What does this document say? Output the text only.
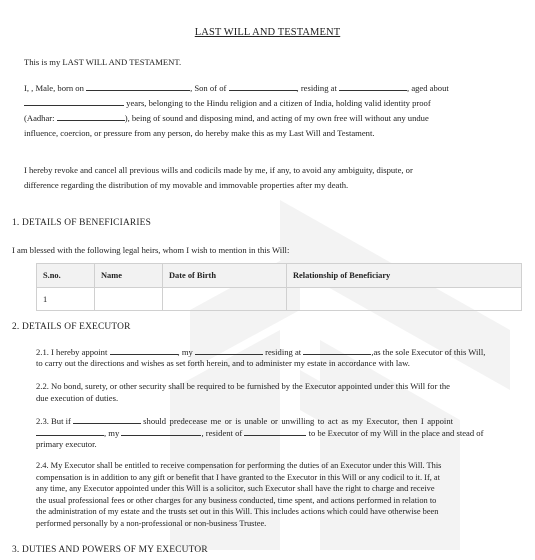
LAST WILL AND TESTAMENT
This is my LAST WILL AND TESTAMENT.
I, , Male, born on	, Son of of	, residing at	, aged about
years, belonging to the Hindu religion and a citizen of India, holding valid identity proof
(Aadhar:	), being of sound and disposing mind, and acting of my own free will without any undue
influence, coercion, or pressure from any person, do hereby make this as my Last Will and Testament.
I hereby revoke and cancel all previous wills and codicils made by me, if any, to avoid any ambiguity, dispute, or
difference regarding the distribution of my movable and immovable properties after my death.
1. DETAILS OF BENEFICIARIES
I am blessed with the following legal heirs, whom I wish to mention in this Will:
S.no.	Name	Date of Birth	Relationship of Beneficiary
1			
2. DETAILS OF EXECUTOR
2.1. I hereby appoint	, my	residing at	,as the sole Executor of this Will,
to carry out the directions and wishes as set forth herein, and to administer my estate in accordance with law.
2.2. No bond, surety, or other security shall be required to be furnished by the Executor appointed under this Will for the
due execution of duties.
2.3. But if	should predecease me or is unable or unwilling to act as my Executor, then I appoint
, my	, resident of	to be Executor of my Will in the place and stead of
primary executor.
2.4. My Executor shall be entitled to receive compensation for performing the duties of an Executor under this Will. This
compensation is in addition to any gift or benefit that I have granted to the Executor in this Will or any codicil to it. If, at
any time, any Executor appointed under this Will is a solicitor, such Executor shall have the right to charge and receive
the usual professional fees or other charges for any business conducted, time spent, and actions performed in relation to
the administration of my estate and the trusts set out in this Will. This includes actions which could have otherwise been
performed personally by a non-professional or non-business Trustee.
3. DUTIES AND POWERS OF MY EXECUTOR
